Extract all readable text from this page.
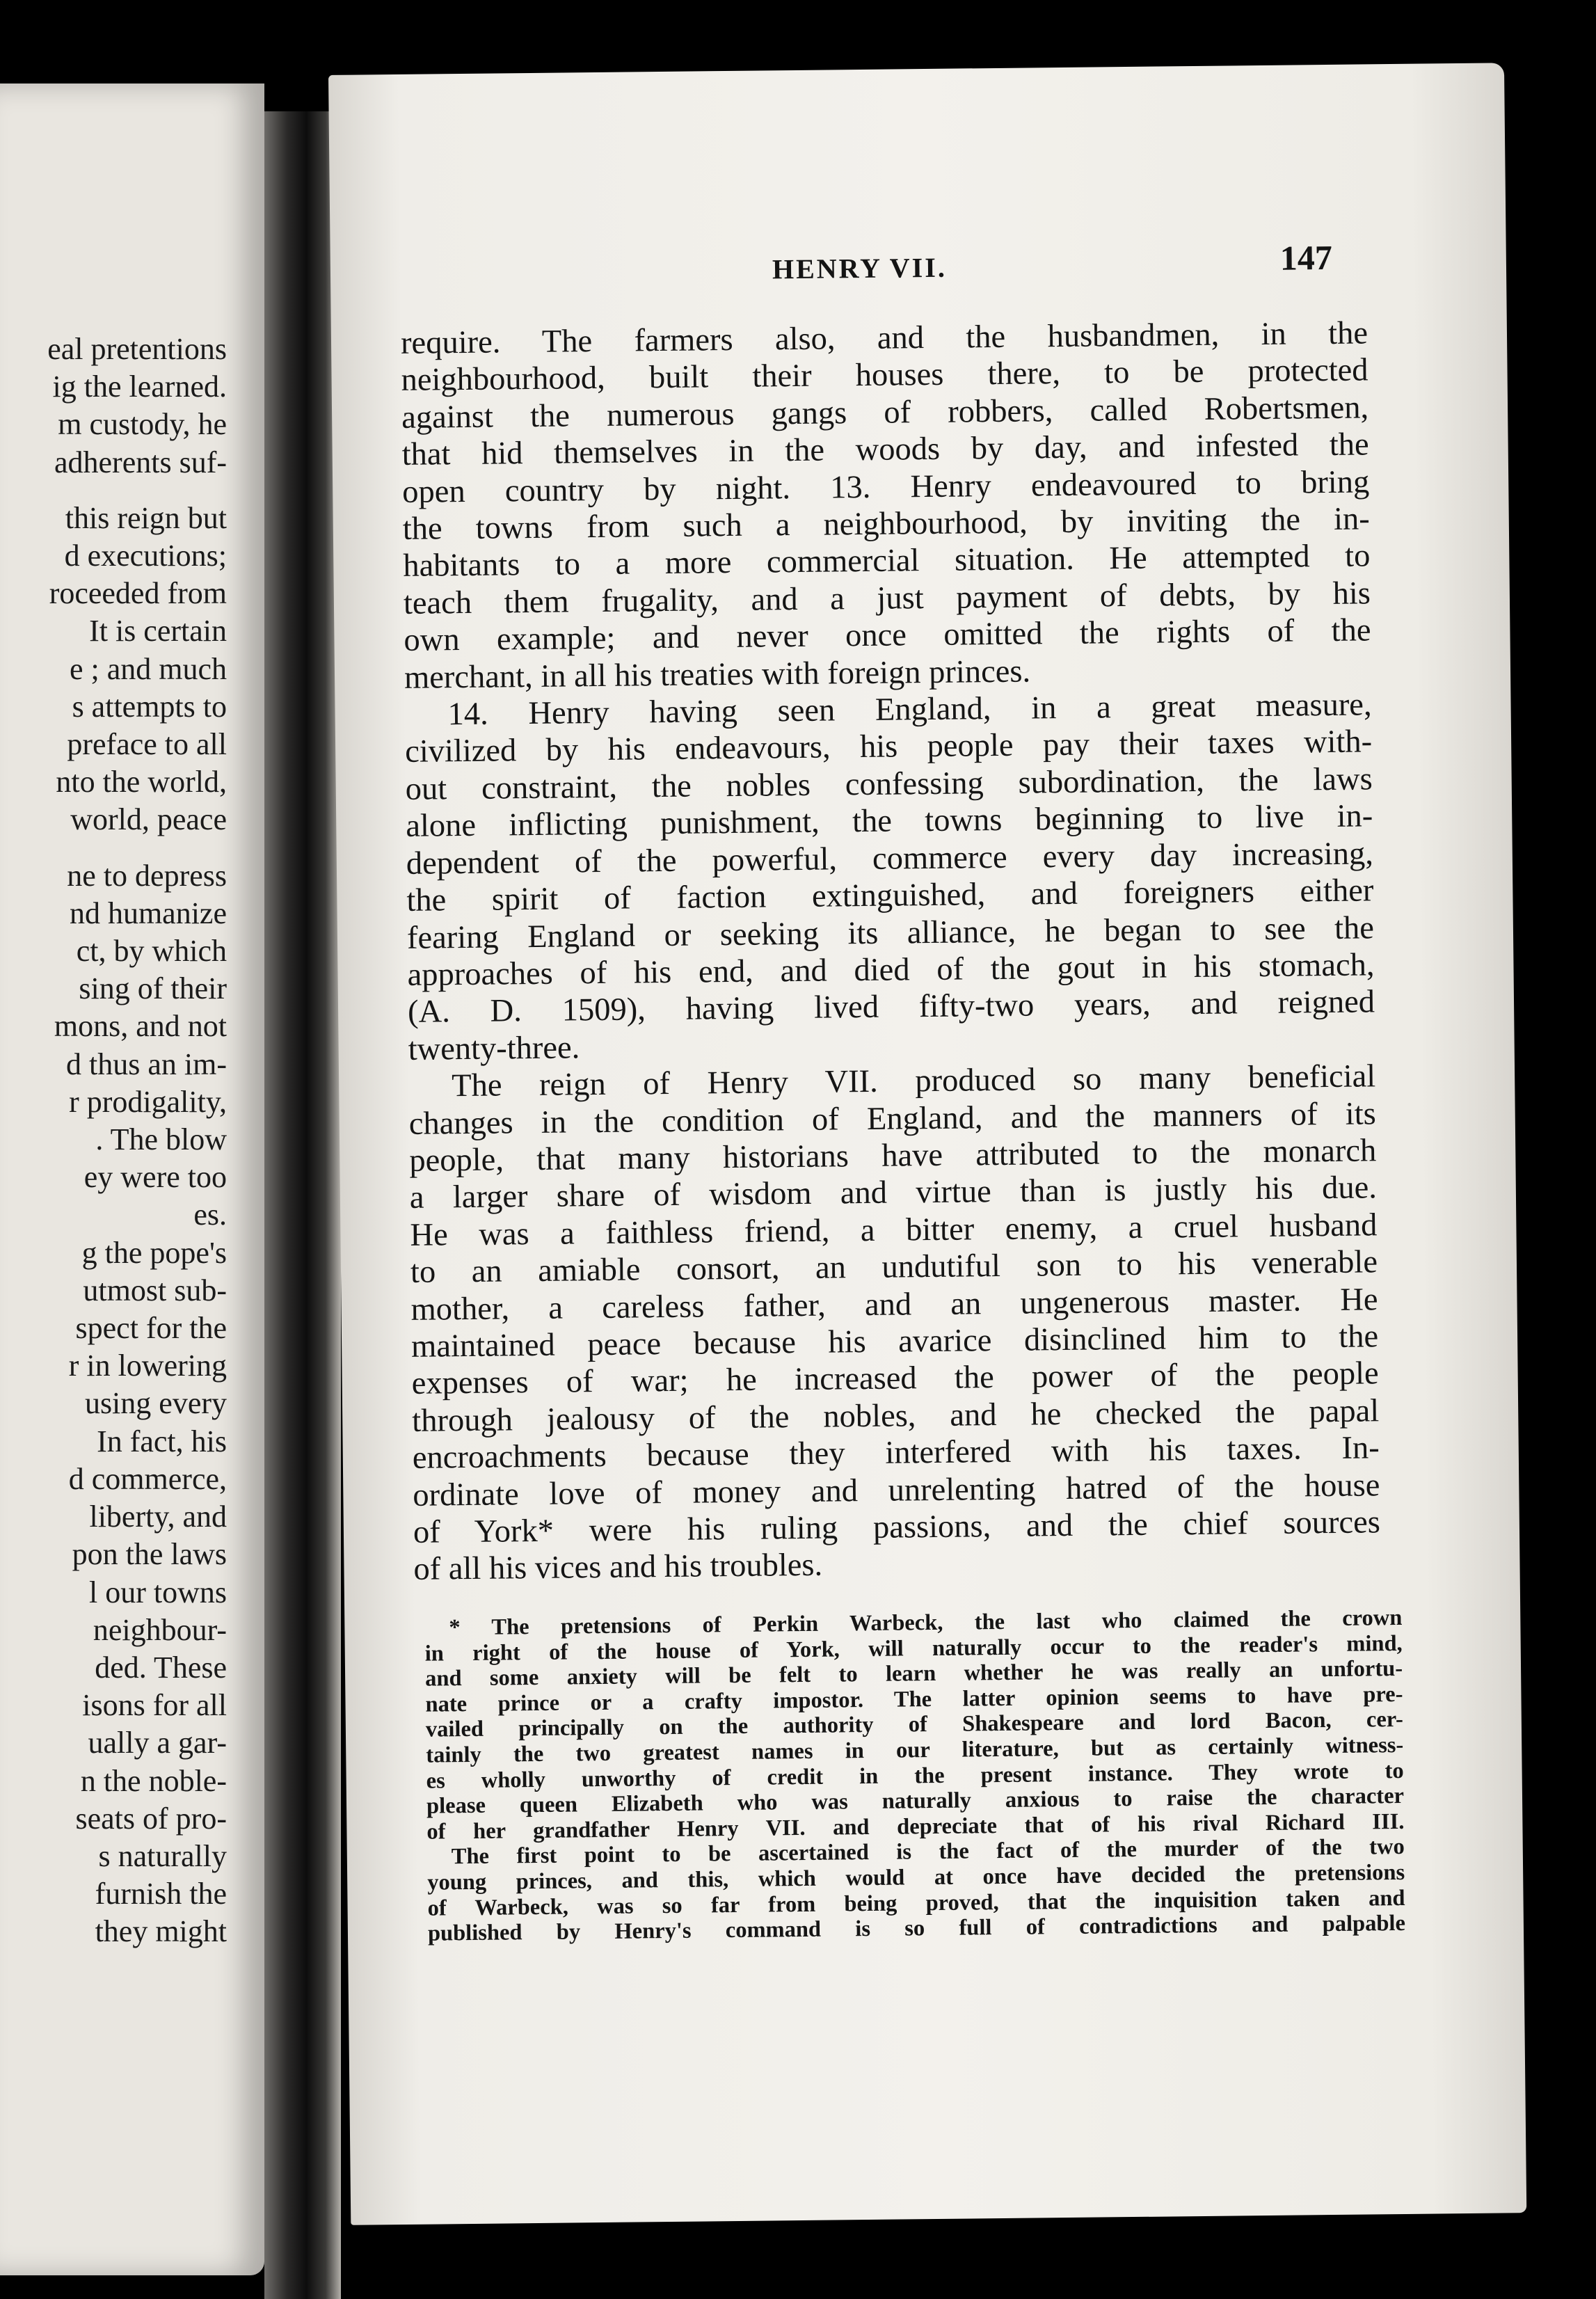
eal pretentions
ig the learned.
m custody, he
adherents suf-
this reign but
d executions;
roceeded from
It is certain
e ; and much
s attempts to
preface to all
nto the world,
world, peace
ne to depress
nd humanize
ct, by which
sing of their
mons, and not
d thus an im-
r prodigality,
. The blow
ey were too
es.
g the pope's
utmost sub-
spect for the
r in lowering
using every
In fact, his
d commerce,
liberty, and
pon the laws
l our towns
neighbour-
ded. These
isons for all
ually a gar-
n the noble-
seats of pro-
s naturally
furnish the
they might
HENRY VII.	147

require. The farmers also, and the husbandmen, in the
neighbourhood, built their houses there, to be protected
against the numerous gangs of robbers, called Robertsmen,
that hid themselves in the woods by day, and infested the
open country by night. 13. Henry endeavoured to bring
the towns from such a neighbourhood, by inviting the in-
habitants to a more commercial situation. He attempted to
teach them frugality, and a just payment of debts, by his
own example; and never once omitted the rights of the
merchant, in all his treaties with foreign princes.

14. Henry having seen England, in a great measure,
civilized by his endeavours, his people pay their taxes with-
out constraint, the nobles confessing subordination, the laws
alone inflicting punishment, the towns beginning to live in-
dependent of the powerful, commerce every day increasing,
the spirit of faction extinguished, and foreigners either
fearing England or seeking its alliance, he began to see the
approaches of his end, and died of the gout in his stomach,
(A. D. 1509), having lived fifty-two years, and reigned
twenty-three.

The reign of Henry VII. produced so many beneficial
changes in the condition of England, and the manners of its
people, that many historians have attributed to the monarch
a larger share of wisdom and virtue than is justly his due.
He was a faithless friend, a bitter enemy, a cruel husband
to an amiable consort, an undutiful son to his venerable
mother, a careless father, and an ungenerous master. He
maintained peace because his avarice disinclined him to the
expenses of war; he increased the power of the people
through jealousy of the nobles, and he checked the papal
encroachments because they interfered with his taxes. In-
ordinate love of money and unrelenting hatred of the house
of York* were his ruling passions, and the chief sources
of all his vices and his troubles.

* The pretensions of Perkin Warbeck, the last who claimed the crown
in right of the house of York, will naturally occur to the reader's mind,
and some anxiety will be felt to learn whether he was really an unfortu-
nate prince or a crafty impostor. The latter opinion seems to have pre-
vailed principally on the authority of Shakespeare and lord Bacon, cer-
tainly the two greatest names in our literature, but as certainly witness-
es wholly unworthy of credit in the present instance. They wrote to
please queen Elizabeth who was naturally anxious to raise the character
of her grandfather Henry VII. and depreciate that of his rival Richard III.

The first point to be ascertained is the fact of the murder of the two
young princes, and this, which would at once have decided the pretensions
of Warbeck, was so far from being proved, that the inquisition taken and
published by Henry's command is so full of contradictions and palpable
